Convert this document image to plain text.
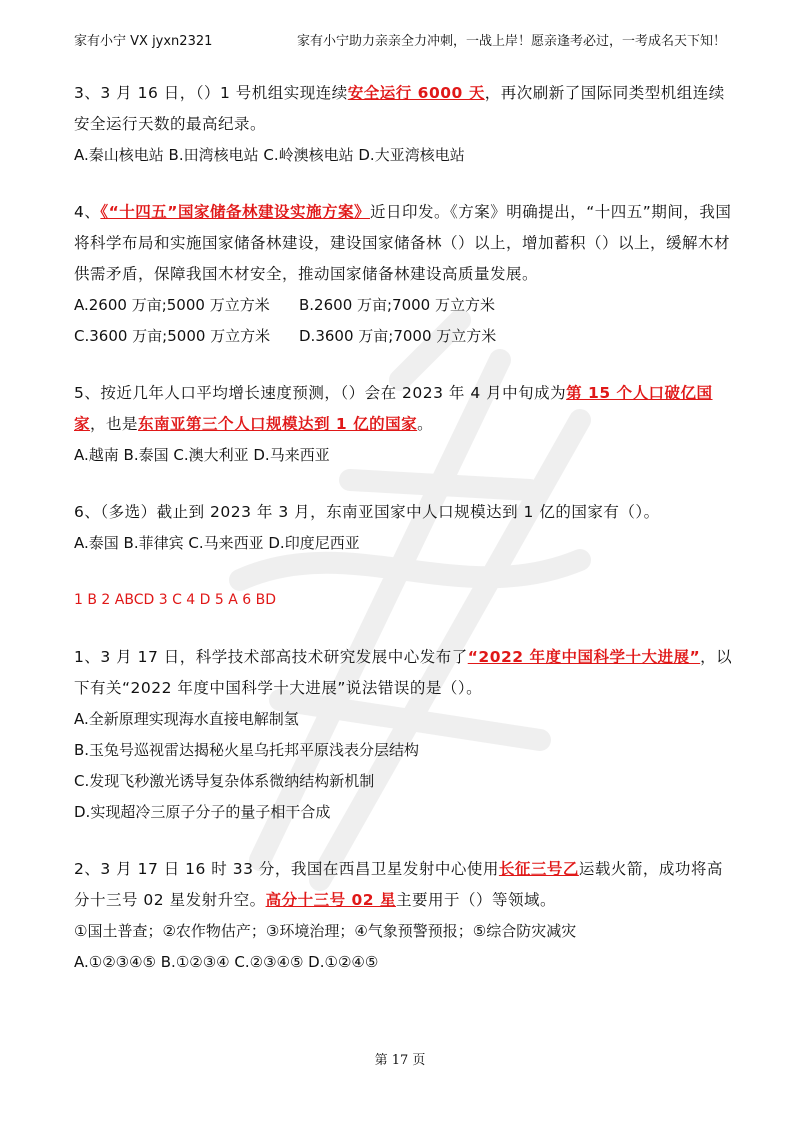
家有小宁 VX jyxn2321	家有小宁助力亲亲全力冲刺，一战上岸！愿亲逢考必过，一考成名天下知！

3、3 月 16 日，（）1 号机组实现连续安全运行 6000 天，再次刷新了国际同类型机组连续安全运行天数的最高纪录。

A.秦山核电站 B.田湾核电站 C.岭澳核电站 D.大亚湾核电站

4、《“十四五”国家储备林建设实施方案》近日印发。《方案》明确提出，“十四五”期间，我国将科学布局和实施国家储备林建设，建设国家储备林（）以上，增加蓄积（）以上，缓解木材供需矛盾，保障我国木材安全，推动国家储备林建设高质量发展。

A.2600 万亩;5000 万立方米	B.2600 万亩;7000 万立方米

C.3600 万亩;5000 万立方米	D.3600 万亩;7000 万立方米

5、按近几年人口平均增长速度预测，（）会在 2023 年 4 月中旬成为第 15 个人口破亿国家，也是东南亚第三个人口规模达到 1 亿的国家。

A.越南 B.泰国 C.澳大利亚 D.马来西亚

6、（多选）截止到 2023 年 3 月，东南亚国家中人口规模达到 1 亿的国家有（）。

A.泰国 B.菲律宾 C.马来西亚 D.印度尼西亚

1 B 2 ABCD 3 C 4 D 5 A 6 BD

1、3 月 17 日，科学技术部高技术研究发展中心发布了“2022 年度中国科学十大进展”，以下有关“2022 年度中国科学十大进展”说法错误的是（）。

A.全新原理实现海水直接电解制氢

B.玉兔号巡视雷达揭秘火星乌托邦平原浅表分层结构

C.发现飞秒激光诱导复杂体系微纳结构新机制

D.实现超冷三原子分子的量子相干合成

2、3 月 17 日 16 时 33 分，我国在西昌卫星发射中心使用长征三号乙运载火箭，成功将高分十三号 02 星发射升空。高分十三号 02 星主要用于（）等领域。

①国土普查；②农作物估产；③环境治理；④气象预警预报；⑤综合防灾减灾

A.①②③④⑤ B.①②③④ C.②③④⑤ D.①②④⑤

第 17 页
